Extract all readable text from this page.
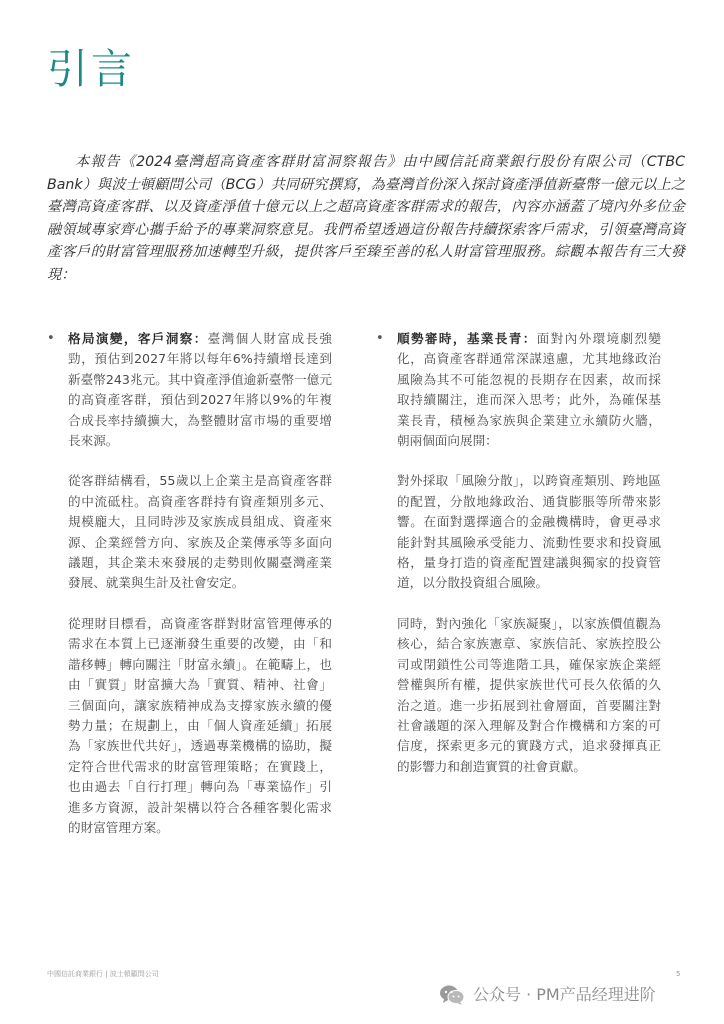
引言

本報告《2024臺灣超高資產客群財富洞察報告》由中國信託商業銀行股份有限公司（CTBC Bank）與波士頓顧問公司（BCG）共同研究撰寫，為臺灣首份深入探討資產淨值新臺幣一億元以上之臺灣高資產客群、以及資產淨值十億元以上之超高資產客群需求的報告，內容亦涵蓋了境內外多位金融領域專家齊心攜手給予的專業洞察意見。我們希望透過這份報告持續探索客戶需求，引領臺灣高資產客戶的財富管理服務加速轉型升級，提供客戶至臻至善的私人財富管理服務。綜觀本報告有三大發現：

• 格局演變，客戶洞察：臺灣個人財富成長強勁，預估到2027年將以每年6%持續增長達到新臺幣243兆元。其中資產淨值逾新臺幣一億元的高資產客群，預估到2027年將以9%的年複合成長率持續擴大，為整體財富市場的重要增長來源。

從客群結構看，55歲以上企業主是高資產客群的中流砥柱。高資產客群持有資產類別多元、規模龐大，且同時涉及家族成員組成、資產來源、企業經營方向、家族及企業傳承等多面向議題，其企業未來發展的走勢則攸關臺灣產業發展、就業與生計及社會安定。

從理財目標看，高資產客群對財富管理傳承的需求在本質上已逐漸發生重要的改變，由「和諧移轉」轉向關注「財富永續」。在範疇上，也由「實質」財富擴大為「實質、精神、社會」三個面向，讓家族精神成為支撐家族永續的優勢力量；在規劃上，由「個人資產延續」拓展為「家族世代共好」，透過專業機構的協助，擬定符合世代需求的財富管理策略；在實踐上，也由過去「自行打理」轉向為「專業協作」引進多方資源，設計架構以符合各種客製化需求的財富管理方案。

• 順勢審時，基業長青：面對內外環境劇烈變化，高資產客群通常深謀遠慮，尤其地緣政治風險為其不可能忽視的長期存在因素，故而採取持續關注，進而深入思考；此外，為確保基業長青，積極為家族與企業建立永續防火牆，朝兩個面向展開：

對外採取「風險分散」，以跨資產類別、跨地區的配置，分散地緣政治、通貨膨脹等所帶來影響。在面對選擇適合的金融機構時，會更尋求能針對其風險承受能力、流動性要求和投資風格，量身打造的資產配置建議與獨家的投資管道，以分散投資組合風險。

同時，對內強化「家族凝聚」，以家族價值觀為核心，結合家族憲章、家族信託、家族控股公司或閉鎖性公司等進階工具，確保家族企業經營權與所有權，提供家族世代可長久依循的久治之道。進一步拓展到社會層面，首要關注對社會議題的深入理解及對合作機構和方案的可信度，探索更多元的實踐方式，追求發揮真正的影響力和創造實質的社會貢獻。

中國信託商業銀行 | 波士頓顧問公司	5
公众号 · PM产品经理进阶
